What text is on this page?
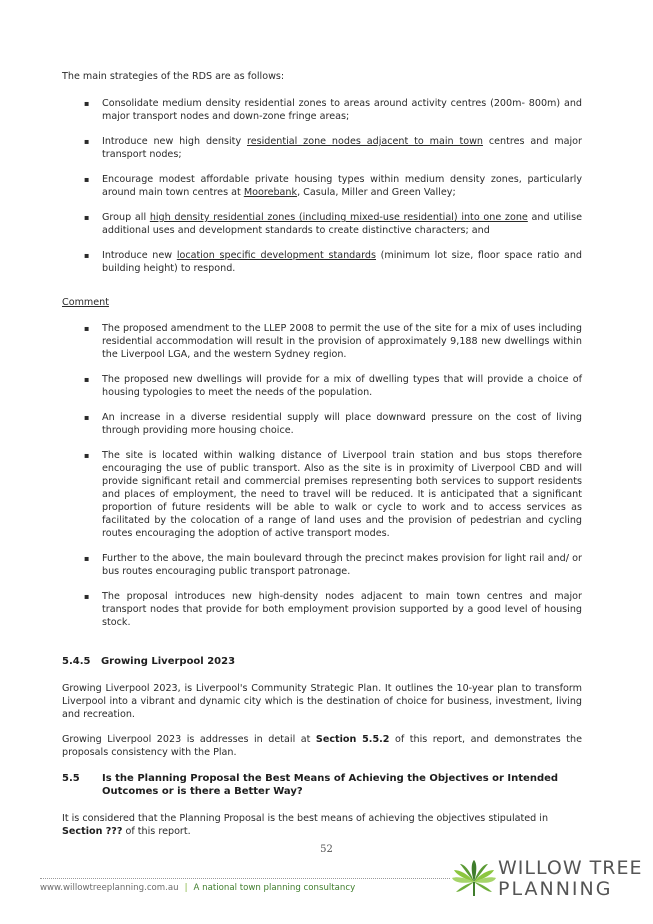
The main strategies of the RDS are as follows:
▪ Consolidate medium density residential zones to areas around activity centres (200m- 800m) and major transport nodes and down-zone fringe areas;
▪ Introduce new high density residential zone nodes adjacent to main town centres and major transport nodes;
▪ Encourage modest affordable private housing types within medium density zones, particularly around main town centres at Moorebank, Casula, Miller and Green Valley;
▪ Group all high density residential zones (including mixed-use residential) into one zone and utilise additional uses and development standards to create distinctive characters; and
▪ Introduce new location specific development standards (minimum lot size, floor space ratio and building height) to respond.
Comment
▪ The proposed amendment to the LLEP 2008 to permit the use of the site for a mix of uses including residential accommodation will result in the provision of approximately 9,188 new dwellings within the Liverpool LGA, and the western Sydney region.
▪ The proposed new dwellings will provide for a mix of dwelling types that will provide a choice of housing typologies to meet the needs of the population.
▪ An increase in a diverse residential supply will place downward pressure on the cost of living through providing more housing choice.
▪ The site is located within walking distance of Liverpool train station and bus stops therefore encouraging the use of public transport. Also as the site is in proximity of Liverpool CBD and will provide significant retail and commercial premises representing both services to support residents and places of employment, the need to travel will be reduced. It is anticipated that a significant proportion of future residents will be able to walk or cycle to work and to access services as facilitated by the colocation of a range of land uses and the provision of pedestrian and cycling routes encouraging the adoption of active transport modes.
▪ Further to the above, the main boulevard through the precinct makes provision for light rail and/ or bus routes encouraging public transport patronage.
▪ The proposal introduces new high-density nodes adjacent to main town centres and major transport nodes that provide for both employment provision supported by a good level of housing stock.
5.4.5 Growing Liverpool 2023
Growing Liverpool 2023, is Liverpool's Community Strategic Plan. It outlines the 10-year plan to transform Liverpool into a vibrant and dynamic city which is the destination of choice for business, investment, living and recreation.
Growing Liverpool 2023 is addresses in detail at Section 5.5.2 of this report, and demonstrates the proposals consistency with the Plan.
5.5 Is the Planning Proposal the Best Means of Achieving the Objectives or Intended
Outcomes or is there a Better Way?
It is considered that the Planning Proposal is the best means of achieving the objectives stipulated in Section ??? of this report.
52
www.willowtreeplanning.com.au | A national town planning consultancy
WILLOW TREE
PLANNING
